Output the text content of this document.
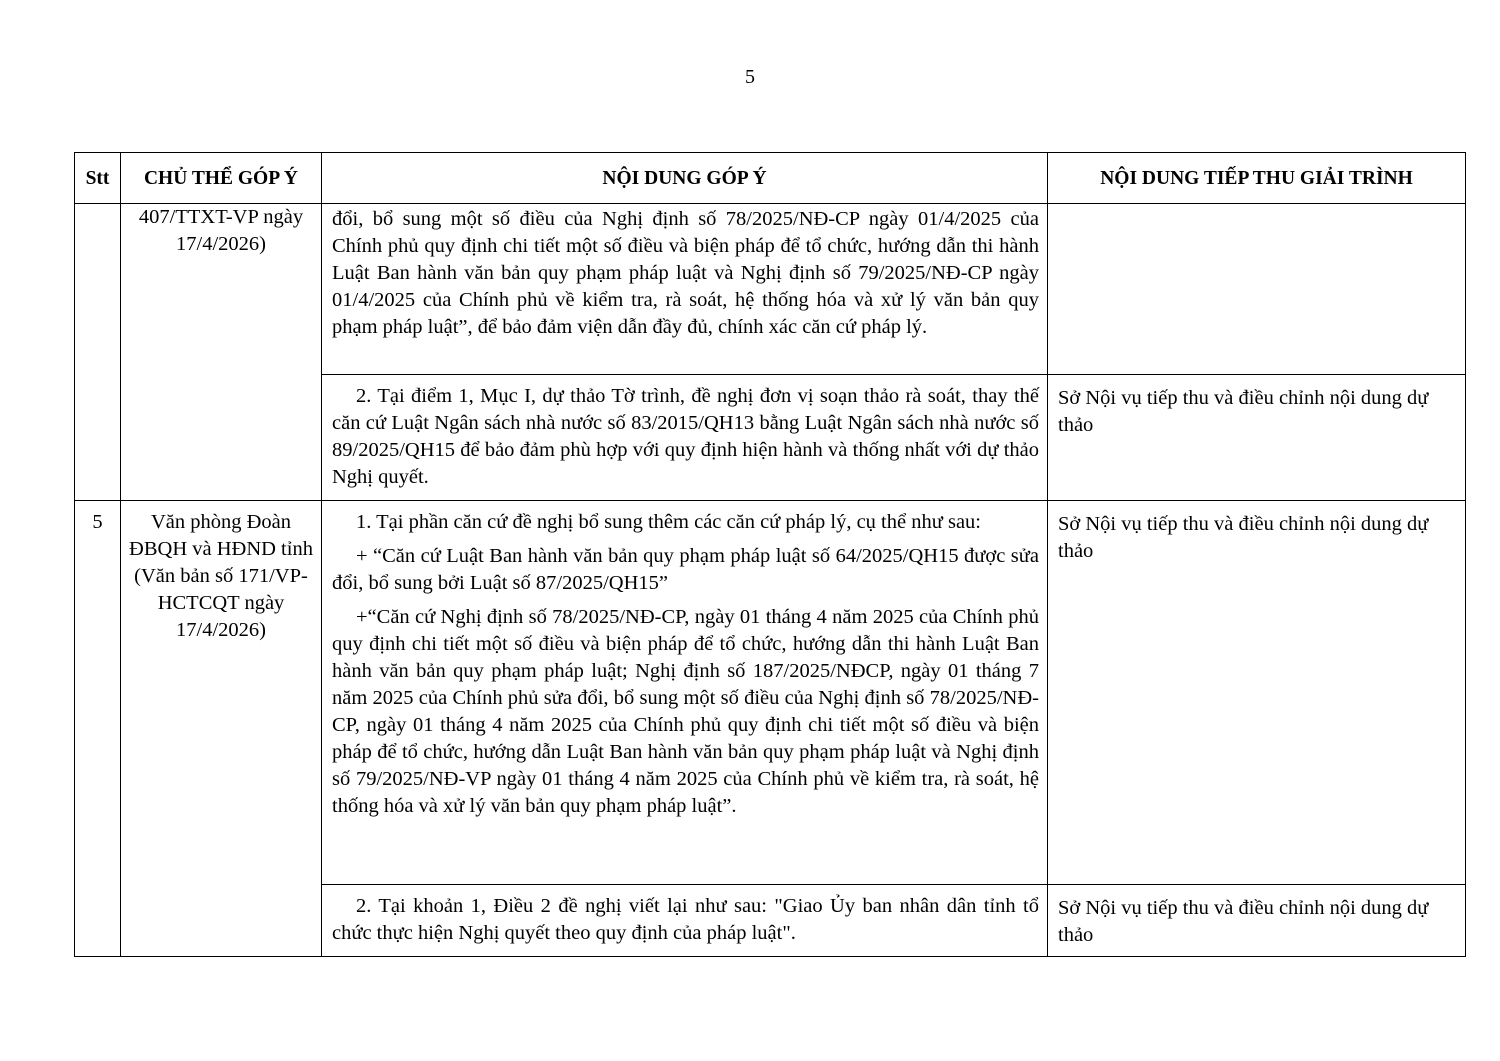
5
Stt	CHỦ THỂ GÓP Ý	NỘI DUNG GÓP Ý	NỘI DUNG TIẾP THU GIẢI TRÌNH
	407/TTXT-VP ngày 17/4/2026)	đổi, bổ sung một số điều của Nghị định số 78/2025/NĐ-CP ngày 01/4/2025 của Chính phủ quy định chi tiết một số điều và biện pháp để tổ chức, hướng dẫn thi hành Luật Ban hành văn bản quy phạm pháp luật và Nghị định số 79/2025/NĐ-CP ngày 01/4/2025 của Chính phủ về kiểm tra, rà soát, hệ thống hóa và xử lý văn bản quy phạm pháp luật”, để bảo đảm viện dẫn đầy đủ, chính xác căn cứ pháp lý.	

		2. Tại điểm 1, Mục I, dự thảo Tờ trình, đề nghị đơn vị soạn thảo rà soát, thay thế căn cứ Luật Ngân sách nhà nước số 83/2015/QH13 bằng Luật Ngân sách nhà nước số 89/2025/QH15 để bảo đảm phù hợp với quy định hiện hành và thống nhất với dự thảo Nghị quyết.	Sở Nội vụ tiếp thu và điều chỉnh nội dung dự thảo
5	Văn phòng Đoàn ĐBQH và HĐND tỉnh (Văn bản số 171/VP-HCTCQT ngày 17/4/2026)	1. Tại phần căn cứ đề nghị bổ sung thêm các căn cứ pháp lý, cụ thể như sau:

+ “Căn cứ Luật Ban hành văn bản quy phạm pháp luật số 64/2025/QH15 được sửa đổi, bổ sung bởi Luật số 87/2025/QH15”

+“Căn cứ Nghị định số 78/2025/NĐ-CP, ngày 01 tháng 4 năm 2025 của Chính phủ quy định chi tiết một số điều và biện pháp để tổ chức, hướng dẫn thi hành Luật Ban hành văn bản quy phạm pháp luật; Nghị định số 187/2025/NĐCP, ngày 01 tháng 7 năm 2025 của Chính phủ sửa đổi, bổ sung một số điều của Nghị định số 78/2025/NĐ-CP, ngày 01 tháng 4 năm 2025 của Chính phủ quy định chi tiết một số điều và biện pháp để tổ chức, hướng dẫn Luật Ban hành văn bản quy phạm pháp luật và Nghị định số 79/2025/NĐ-VP ngày 01 tháng 4 năm 2025 của Chính phủ về kiểm tra, rà soát, hệ thống hóa và xử lý văn bản quy phạm pháp luật”.	Sở Nội vụ tiếp thu và điều chỉnh nội dung dự thảo

		2. Tại khoản 1, Điều 2 đề nghị viết lại như sau: "Giao Ủy ban nhân dân tỉnh tổ chức thực hiện Nghị quyết theo quy định của pháp luật".	Sở Nội vụ tiếp thu và điều chỉnh nội dung dự thảo
